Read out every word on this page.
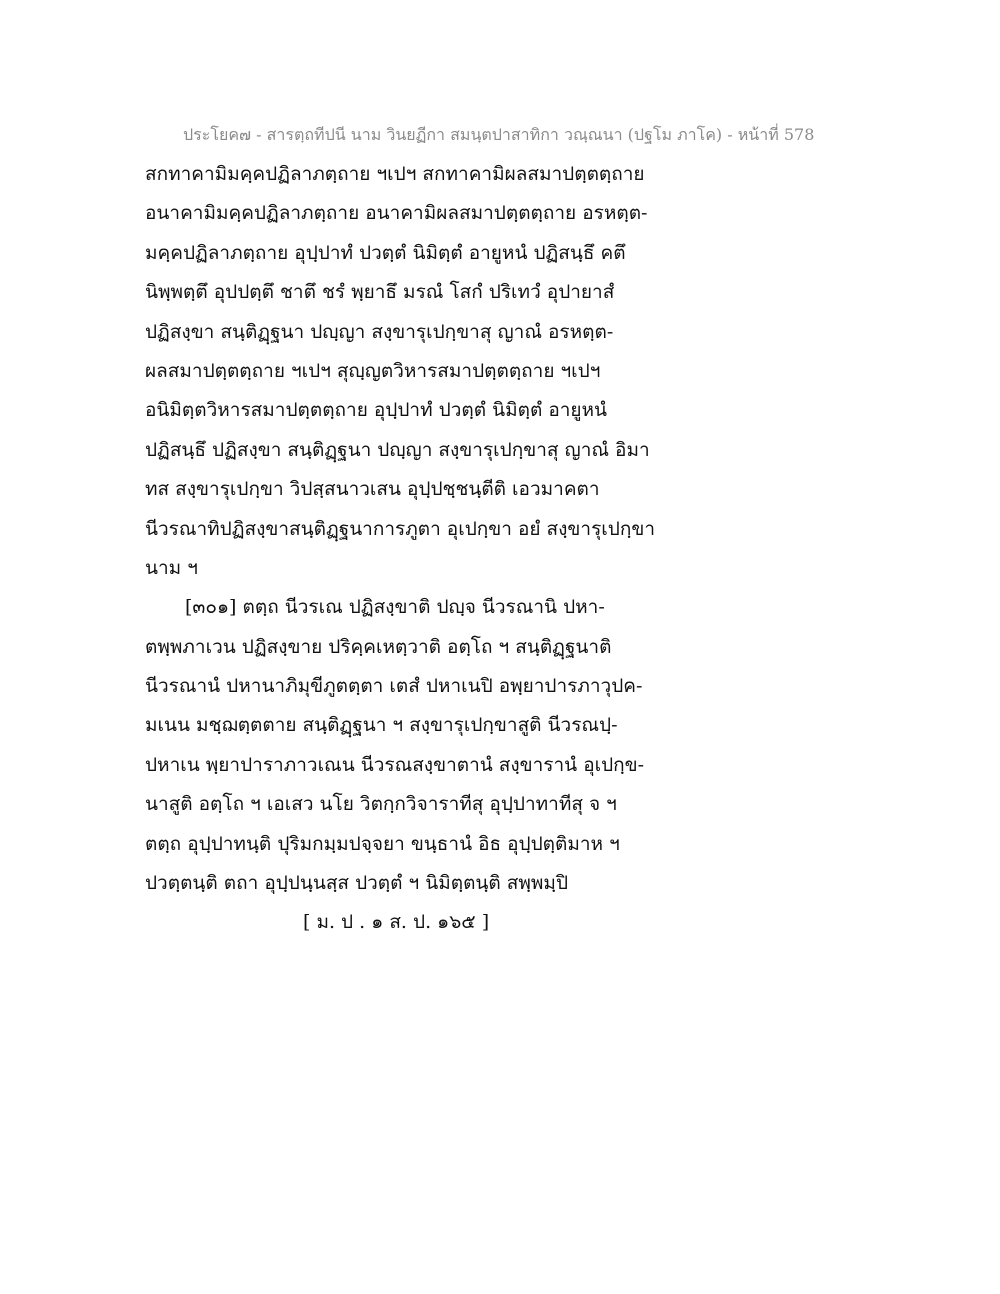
ประโยค๗ - สารตฺถทีปนี นาม วินยฏีกา สมนฺตปาสาทิกา วณฺณนา (ปฐโม ภาโค) - หน้าที่ 578
สกทาคามิมคฺคปฏิลาภตฺถาย ฯเปฯ สกทาคามิผลสมาปตฺตตฺถาย
อนาคามิมคฺคปฏิลาภตฺถาย อนาคามิผลสมาปตฺตตฺถาย อรหตฺต-
มคฺคปฏิลาภตฺถาย อุปฺปาทํ ปวตฺตํ นิมิตฺตํ อายูหนํ ปฏิสนฺธึ คตึ
นิพฺพตฺตึ อุปปตฺตึ ชาตึ ชรํ พฺยาธึ มรณํ โสกํ ปริเทวํ อุปายาสํ
ปฏิสงฺขา สนฺติฏฺฐนา ปญฺญา สงฺขารุเปกฺขาสุ ญาณํ อรหตฺต-
ผลสมาปตฺตตฺถาย ฯเปฯ สุญฺญตวิหารสมาปตฺตตฺถาย ฯเปฯ
อนิมิตฺตวิหารสมาปตฺตตฺถาย อุปฺปาทํ ปวตฺตํ นิมิตฺตํ อายูหนํ
ปฏิสนฺธึ ปฏิสงฺขา สนฺติฏฺฐนา ปญฺญา สงฺขารุเปกฺขาสุ ญาณํ อิมา
ทส สงฺขารุเปกฺขา วิปสฺสนาวเสน อุปฺปชฺชนฺตีติ เอวมาคตา
นีวรณาทิปฏิสงฺขาสนฺติฏฺฐนาการภูตา อุเปกฺขา อยํ สงฺขารุเปกฺขา
นาม ฯ
[๓๐๑] ตตฺถ นีวรเณ ปฏิสงฺขาติ ปญฺจ นีวรณานิ ปหา-
ตพฺพภาเวน ปฏิสงฺขาย ปริคฺคเหตฺวาติ อตฺโถ ฯ สนฺติฏฺฐนาติ
นีวรณานํ ปหานาภิมุขีภูตตฺตา เตสํ ปหาเนปิ อพฺยาปารภาวุปค-
มเนน มชฺฌตฺตตาย สนฺติฏฺฐนา ฯ สงฺขารุเปกฺขาสูติ นีวรณปฺ-
ปหาเน พฺยาปาราภาวเณน นีวรณสงฺขาตานํ สงฺขารานํ อุเปกฺข-
นาสูติ อตฺโถ ฯ เอเสว นโย วิตกฺกวิจาราทีสุ อุปฺปาทาทีสุ จ ฯ
ตตฺถ อุปฺปาทนฺติ ปุริมกมฺมปจฺจยา ขนฺธานํ อิธ อุปฺปตฺติมาห ฯ
ปวตฺตนฺติ ตถา อุปฺปนฺนสฺส ปวตฺตํ ฯ นิมิตฺตนฺติ สพฺพมฺปิ
[ ม. ป . ๑ ส. ป. ๑๖๕ ]
